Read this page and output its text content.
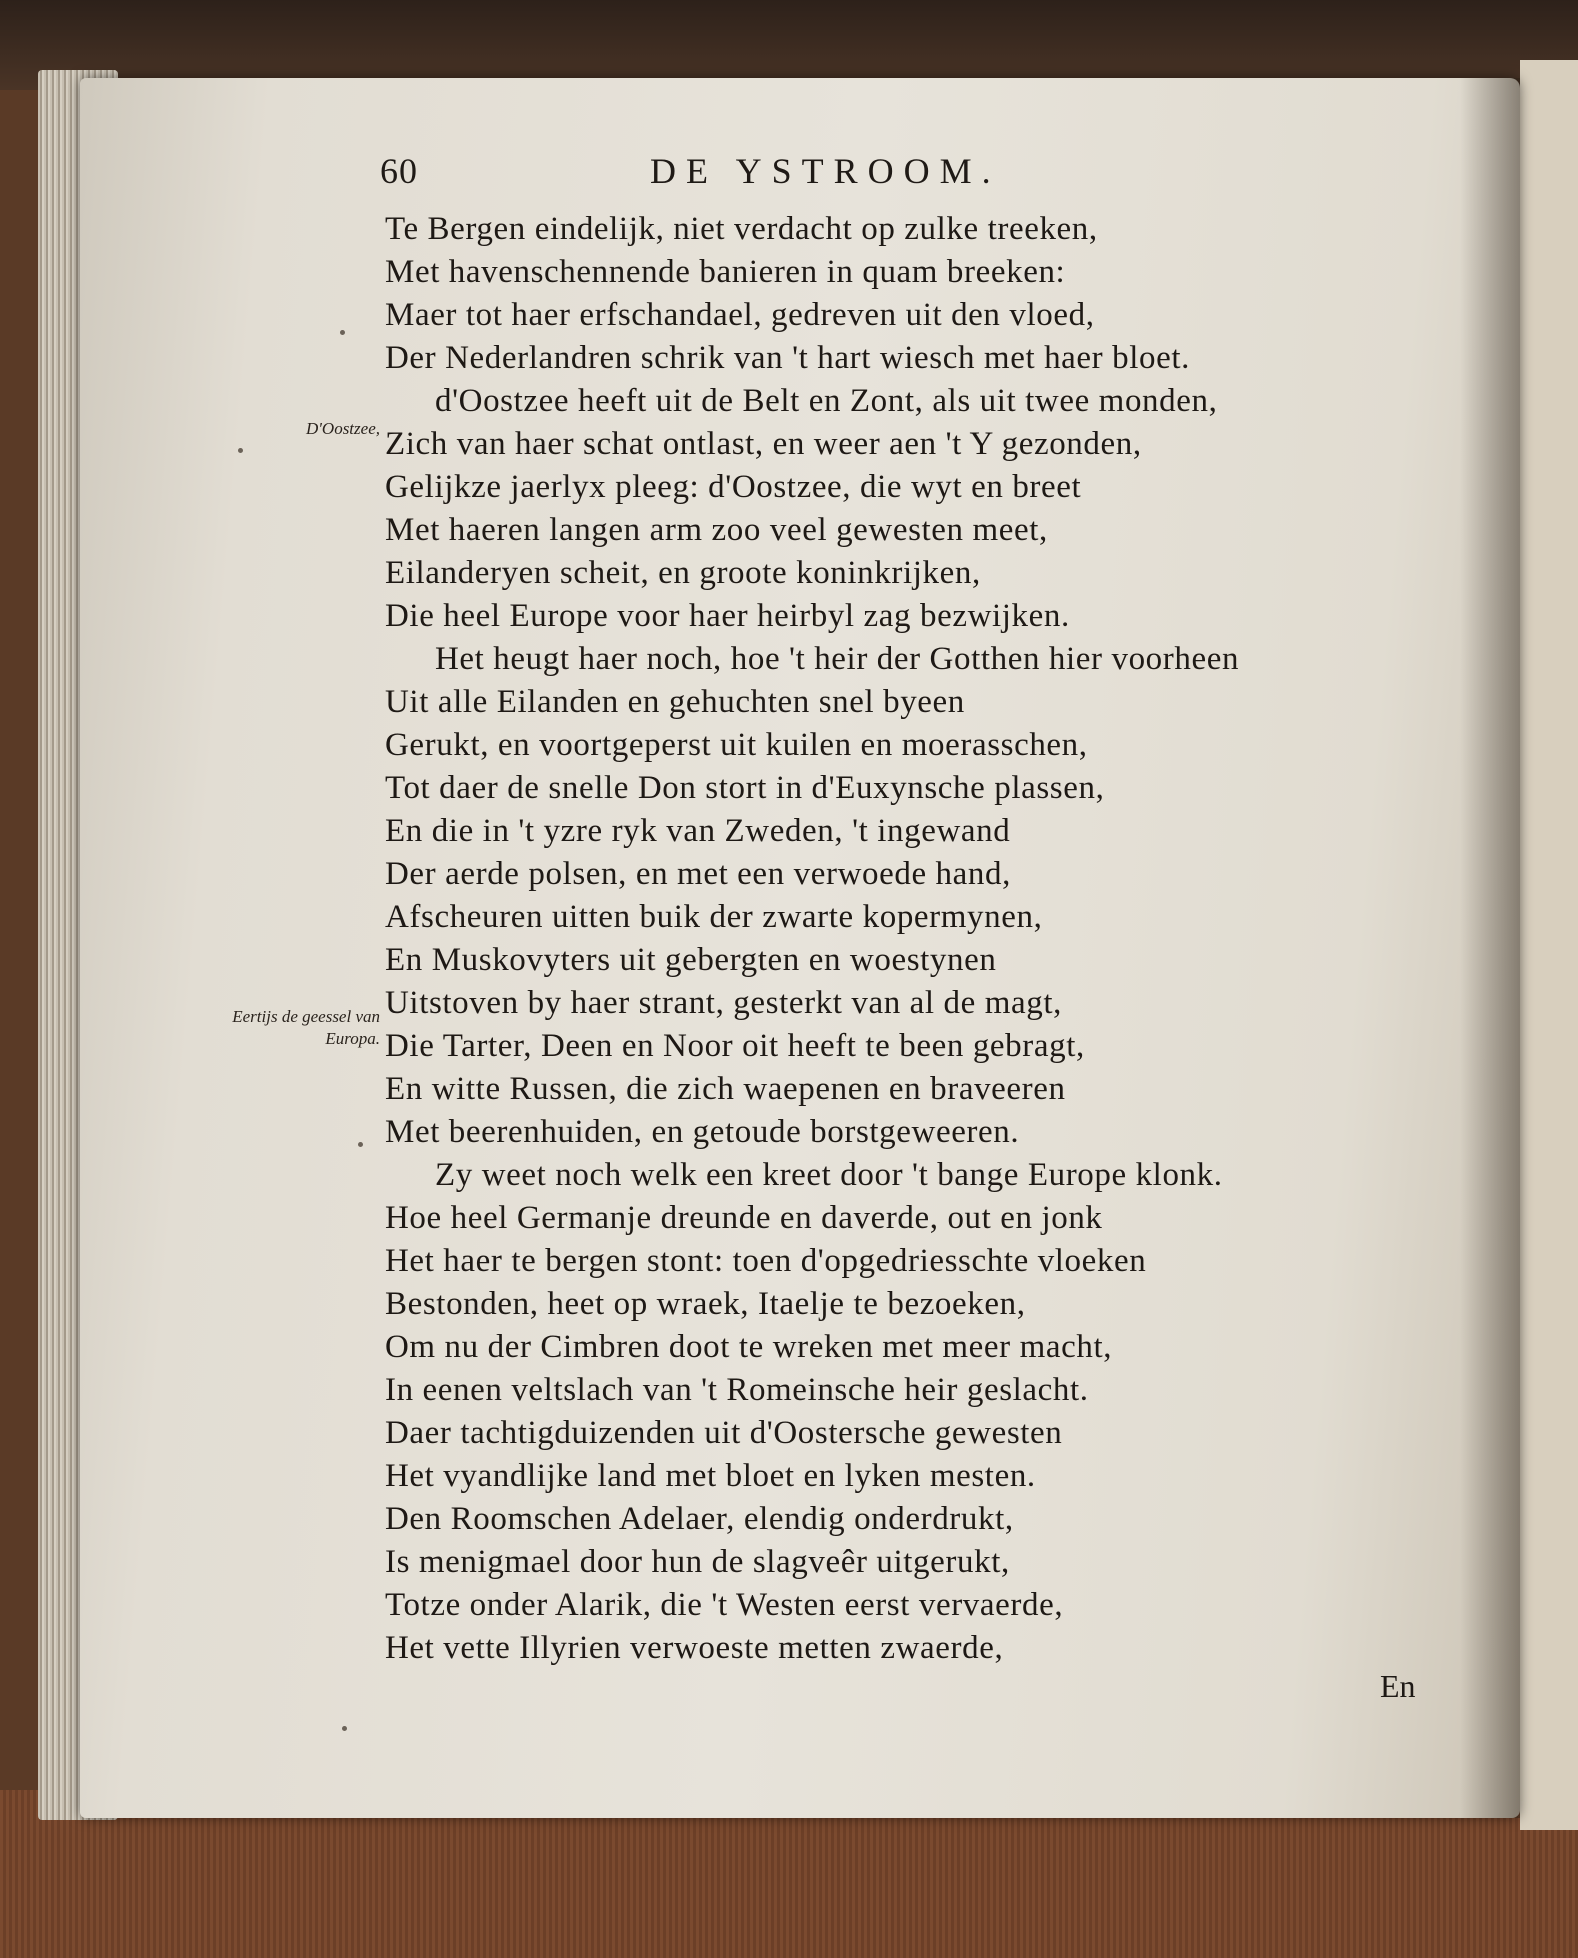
60	DE YSTROOM.
D'Oostzee,
Eertijs de geessel van Europa.
Te Bergen eindelijk, niet verdacht op zulke treeken,
Met havenschennende banieren in quam breeken:
Maer tot haer erfschandael, gedreven uit den vloed,
Der Nederlandren schrik van 't hart wiesch met haer bloet.
d'Oostzee heeft uit de Belt en Zont, als uit twee monden,
Zich van haer schat ontlast, en weer aen 't Y gezonden,
Gelijkze jaerlyx pleeg: d'Oostzee, die wyt en breet
Met haeren langen arm zoo veel gewesten meet,
Eilanderyen scheit, en groote koninkrijken,
Die heel Europe voor haer heirbyl zag bezwijken.
Het heugt haer noch, hoe 't heir der Gotthen hier voorheen
Uit alle Eilanden en gehuchten snel byeen
Gerukt, en voortgeperst uit kuilen en moerasschen,
Tot daer de snelle Don stort in d'Euxynsche plassen,
En die in 't yzre ryk van Zweden, 't ingewand
Der aerde polsen, en met een verwoede hand,
Afscheuren uitten buik der zwarte kopermynen,
En Muskovyters uit gebergten en woestynen
Uitstoven by haer strant, gesterkt van al de magt,
Die Tarter, Deen en Noor oit heeft te been gebragt,
En witte Russen, die zich waepenen en braveeren
Met beerenhuiden, en getoude borstgeweeren.
Zy weet noch welk een kreet door 't bange Europe klonk.
Hoe heel Germanje dreunde en daverde, out en jonk
Het haer te bergen stont: toen d'opgedriesschte vloeken
Bestonden, heet op wraek, Itaelje te bezoeken,
Om nu der Cimbren doot te wreken met meer macht,
In eenen veltslach van 't Romeinsche heir geslacht.
Daer tachtigduizenden uit d'Oostersche gewesten
Het vyandlijke land met bloet en lyken mesten.
Den Roomschen Adelaer, elendig onderdrukt,
Is menigmael door hun de slagveêr uitgerukt,
Totze onder Alarik, die 't Westen eerst vervaerde,
Het vette Illyrien verwoeste metten zwaerde,
En
